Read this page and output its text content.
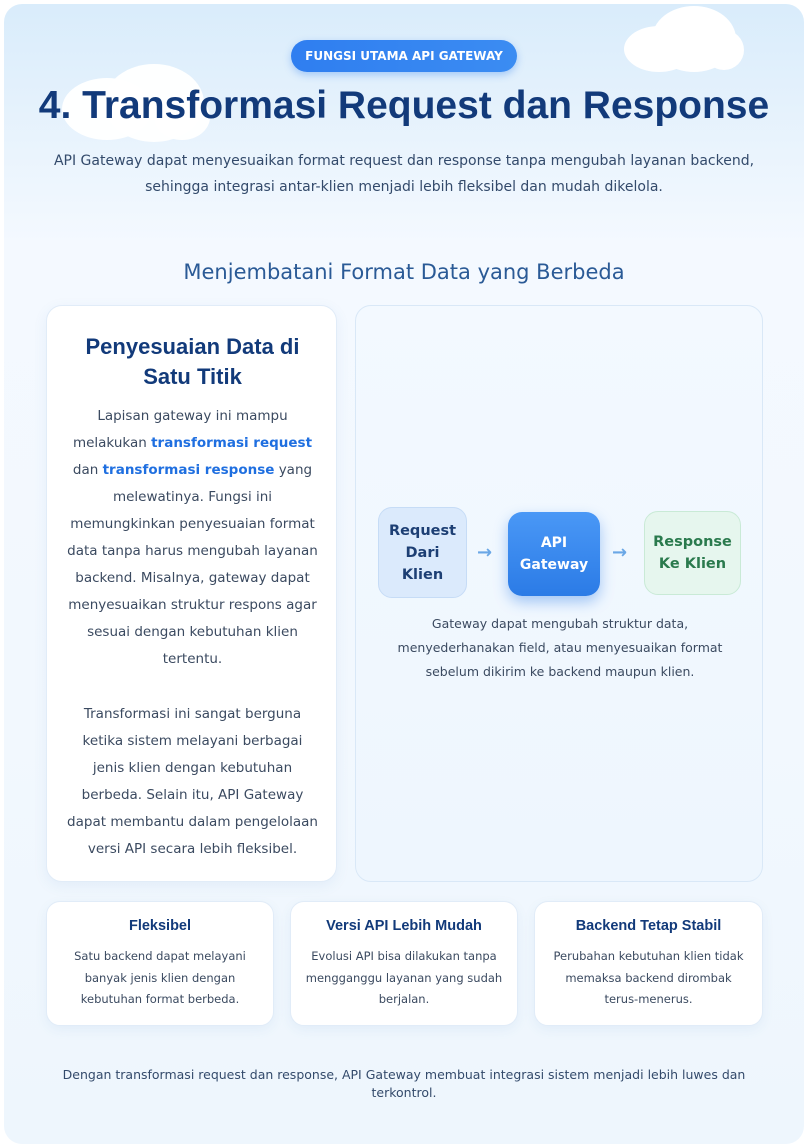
FUNGSI UTAMA API GATEWAY
4. Transformasi Request dan Response
API Gateway dapat menyesuaikan format request dan response tanpa mengubah layanan backend,
sehingga integrasi antar-klien menjadi lebih fleksibel dan mudah dikelola.
Menjembatani Format Data yang Berbeda
Penyesuaian Data di
Satu Titik
Lapisan gateway ini mampu melakukan transformasi request dan transformasi response yang melewatinya. Fungsi ini memungkinkan penyesuaian format data tanpa harus mengubah layanan backend. Misalnya, gateway dapat menyesuaikan struktur respons agar sesuai dengan kebutuhan klien tertentu.
Transformasi ini sangat berguna ketika sistem melayani berbagai jenis klien dengan kebutuhan berbeda. Selain itu, API Gateway dapat membantu dalam pengelolaan versi API secara lebih fleksibel.
Request
Dari
Klien
→	API
Gateway
→ Response
Ke Klien
Gateway dapat mengubah struktur data,
menyederhanakan field, atau menyesuaikan format
sebelum dikirim ke backend maupun klien.
Fleksibel

Satu backend dapat melayani
banyak jenis klien dengan
kebutuhan format berbeda.

Versi API Lebih Mudah

Evolusi API bisa dilakukan tanpa
mengganggu layanan yang sudah
berjalan.

Backend Tetap Stabil

Perubahan kebutuhan klien tidak
memaksa backend dirombak
terus-menerus.

Dengan transformasi request dan response, API Gateway membuat integrasi sistem menjadi lebih luwes dan
terkontrol.
